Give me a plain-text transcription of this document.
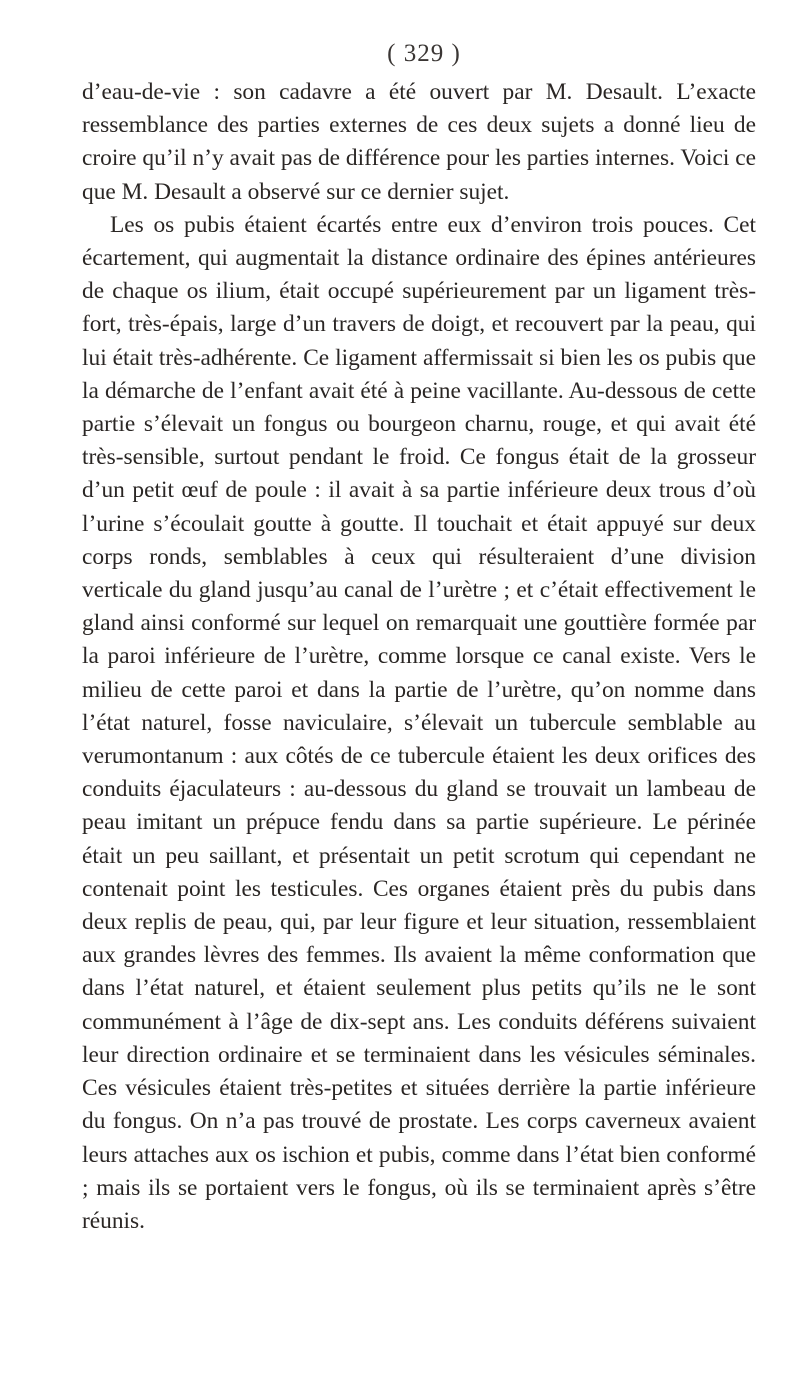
( 329 )

d’eau-de-vie : son cadavre a été ouvert par M. Desault. L’exacte ressemblance des parties externes de ces deux sujets a donné lieu de croire qu’il n’y avait pas de différence pour les parties internes. Voici ce que M. Desault a observé sur ce dernier sujet.

Les os pubis étaient écartés entre eux d’environ trois pouces. Cet écartement, qui augmentait la distance ordinaire des épines antérieures de chaque os ilium, était occupé supérieurement par un ligament très-fort, très-épais, large d’un travers de doigt, et recouvert par la peau, qui lui était très-adhérente. Ce ligament affermissait si bien les os pubis que la démarche de l’enfant avait été à peine vacillante. Au-dessous de cette partie s’élevait un fongus ou bourgeon charnu, rouge, et qui avait été très-sensible, surtout pendant le froid. Ce fongus était de la grosseur d’un petit œuf de poule : il avait à sa partie inférieure deux trous d’où l’urine s’écoulait goutte à goutte. Il touchait et était appuyé sur deux corps ronds, semblables à ceux qui résulteraient d’une division verticale du gland jusqu’au canal de l’urètre ; et c’était effectivement le gland ainsi conformé sur lequel on remarquait une gouttière formée par la paroi inférieure de l’urètre, comme lorsque ce canal existe. Vers le milieu de cette paroi et dans la partie de l’urètre, qu’on nomme dans l’état naturel, fosse naviculaire, s’élevait un tubercule semblable au verumontanum : aux côtés de ce tubercule étaient les deux orifices des conduits éjaculateurs : au-dessous du gland se trouvait un lambeau de peau imitant un prépuce fendu dans sa partie supérieure. Le périnée était un peu saillant, et présentait un petit scrotum qui cependant ne contenait point les testicules. Ces organes étaient près du pubis dans deux replis de peau, qui, par leur figure et leur situation, ressemblaient aux grandes lèvres des femmes. Ils avaient la même conformation que dans l’état naturel, et étaient seulement plus petits qu’ils ne le sont communément à l’âge de dix-sept ans. Les conduits déférens suivaient leur direction ordinaire et se terminaient dans les vésicules séminales. Ces vésicules étaient très-petites et situées derrière la partie inférieure du fongus. On n’a pas trouvé de prostate. Les corps caverneux avaient leurs attaches aux os ischion et pubis, comme dans l’état bien conformé ; mais ils se portaient vers le fongus, où ils se terminaient après s’être réunis.
